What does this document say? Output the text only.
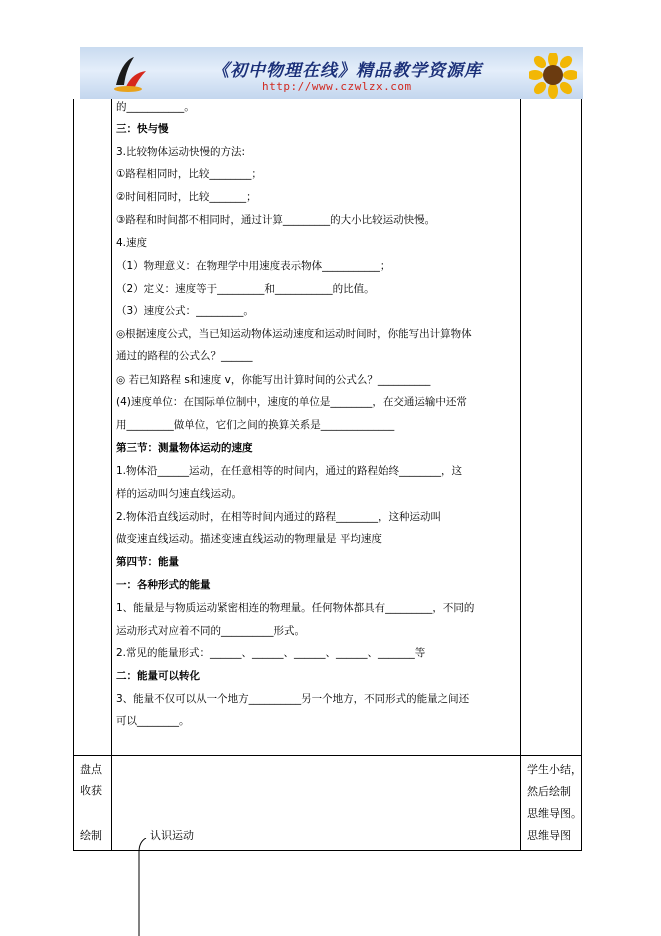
《初中物理在线》精品教学资源库
http://www.czwlzx.com
的___________。
三：快与慢
3.比较物体运动快慢的方法:
①路程相同时，比较________；
②时间相同时，比较_______；
③路程和时间都不相同时，通过计算_________的大小比较运动快慢。
4.速度
（1）物理意义：在物理学中用速度表示物体___________；
（2）定义：速度等于_________和___________的比值。
（3）速度公式：_________。
◎根据速度公式，当已知运动物体运动速度和运动时间时，你能写出计算物体
通过的路程的公式么？______
◎ 若已知路程 s和速度 v，你能写出计算时间的公式么？__________
(4)速度单位：在国际单位制中，速度的单位是________，在交通运输中还常
用_________做单位，它们之间的换算关系是______________
第三节：测量物体运动的速度
1.物体沿______运动，在任意相等的时间内，通过的路程始终________，这
样的运动叫匀速直线运动。
2.物体沿直线运动时，在相等时间内通过的路程________，这种运动叫
做变速直线运动。描述变速直线运动的物理量是 平均速度
第四节：能量
一：各种形式的能量
1、能量是与物质运动紧密相连的物理量。任何物体都具有_________，不同的
运动形式对应着不同的__________形式。
2.常见的能量形式：______、______、______、______、_______等
二：能量可以转化
3、能量不仅可以从一个地方__________另一个地方，不同形式的能量之间还
可以________。
盘点
收获
绘制
学生小结，
然后绘制
思维导图。
思维导图
认识运动
